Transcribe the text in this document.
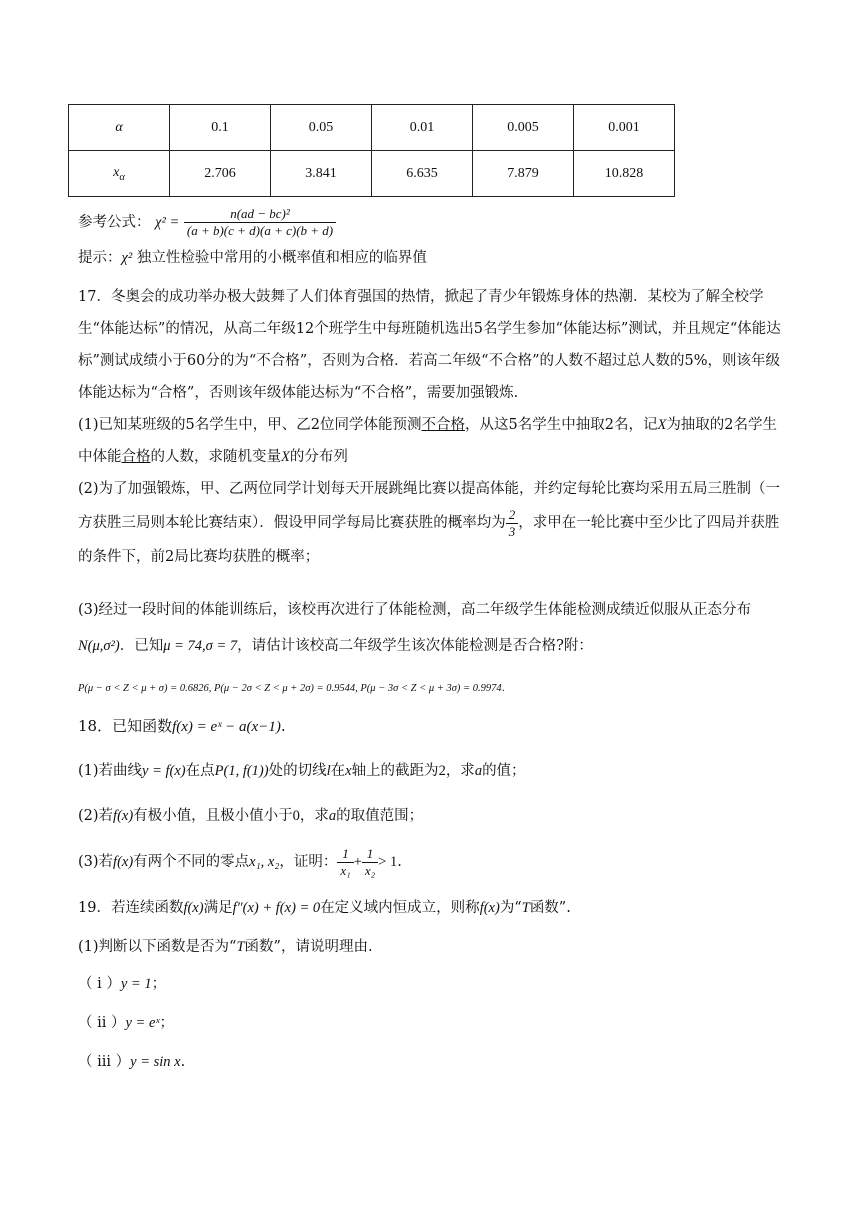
α	0.1	0.05	0.01	0.005	0.001
$x_\alpha$	2.706	3.841	6.635	7.879	10.828
参考公式： $\chi^2 = \frac{\text{n(ad − bc)²}}{(a + b)(c + d)(a + c)(b + d)}$
提示：χ² 独立性检验中常用的小概率值和相应的临界值
17．冬奥会的成功举办极大鼓舞了人们体育强国的热情，掀起了青少年锻炼身体的热潮．某校为了解全校学生“体能达标”的情况，从高二年级12个班学生中每班随机选出5名学生参加“体能达标”测试，并且规定“体能达标”测试成绩小于60分的为“不合格”，否则为合格．若高二年级“不合格”的人数不超过总人数的5%，则该年级体能达标为“合格”，否则该年级体能达标为“不合格”，需要加强锻炼.
(1)已知某班级的5名学生中，甲、乙2位同学体能预测不合格，从这5名学生中抽取2名，记X为抽取的2名学生中体能合格的人数，求随机变量X的分布列
(2)为了加强锻炼，甲、乙两位同学计划每天开展跳绳比赛以提高体能，并约定每轮比赛均采用五局三胜制（一方获胜三局则本轮比赛结束）．假设甲同学每局比赛获胜的概率均为 $\frac{2}{3}$ ，求甲在一轮比赛中至少比了四局并获胜的条件下，前2局比赛均获胜的概率；
(3)经过一段时间的体能训练后，该校再次进行了体能检测，高二年级学生体能检测成绩近似服从正态分布N(μ,σ²)．已知μ = 74,σ = 7，请估计该校高二年级学生该次体能检测是否合格?附：
P(μ − σ < Z < μ + σ) = 0.6826, P(μ − 2σ < Z < μ + 2σ) = 0.9544, P(μ − 3σ < Z < μ + 3σ) = 0.9974.
18．已知函数f(x) = eˣ − a(x−1).
(1)若曲线y = f(x)在点P(1, f(1))处的切线l在x轴上的截距为2，求a的值；
(2)若f(x)有极小值，且极小值小于0，求a的取值范围；
(3)若f(x)有两个不同的零点x₁, x₂，证明： $\frac{1}{\text{x₁}} + \frac{1}{\text{x₂}} > 1$.
19．若连续函数f(x)满足f″(x) + f(x) = 0在定义域内恒成立，则称f(x)为“T函数”.
(1)判断以下函数是否为“T函数”，请说明理由.
（ i ）y = 1；
（ ii ）y = eˣ；
（ iii ）y = sin x.
